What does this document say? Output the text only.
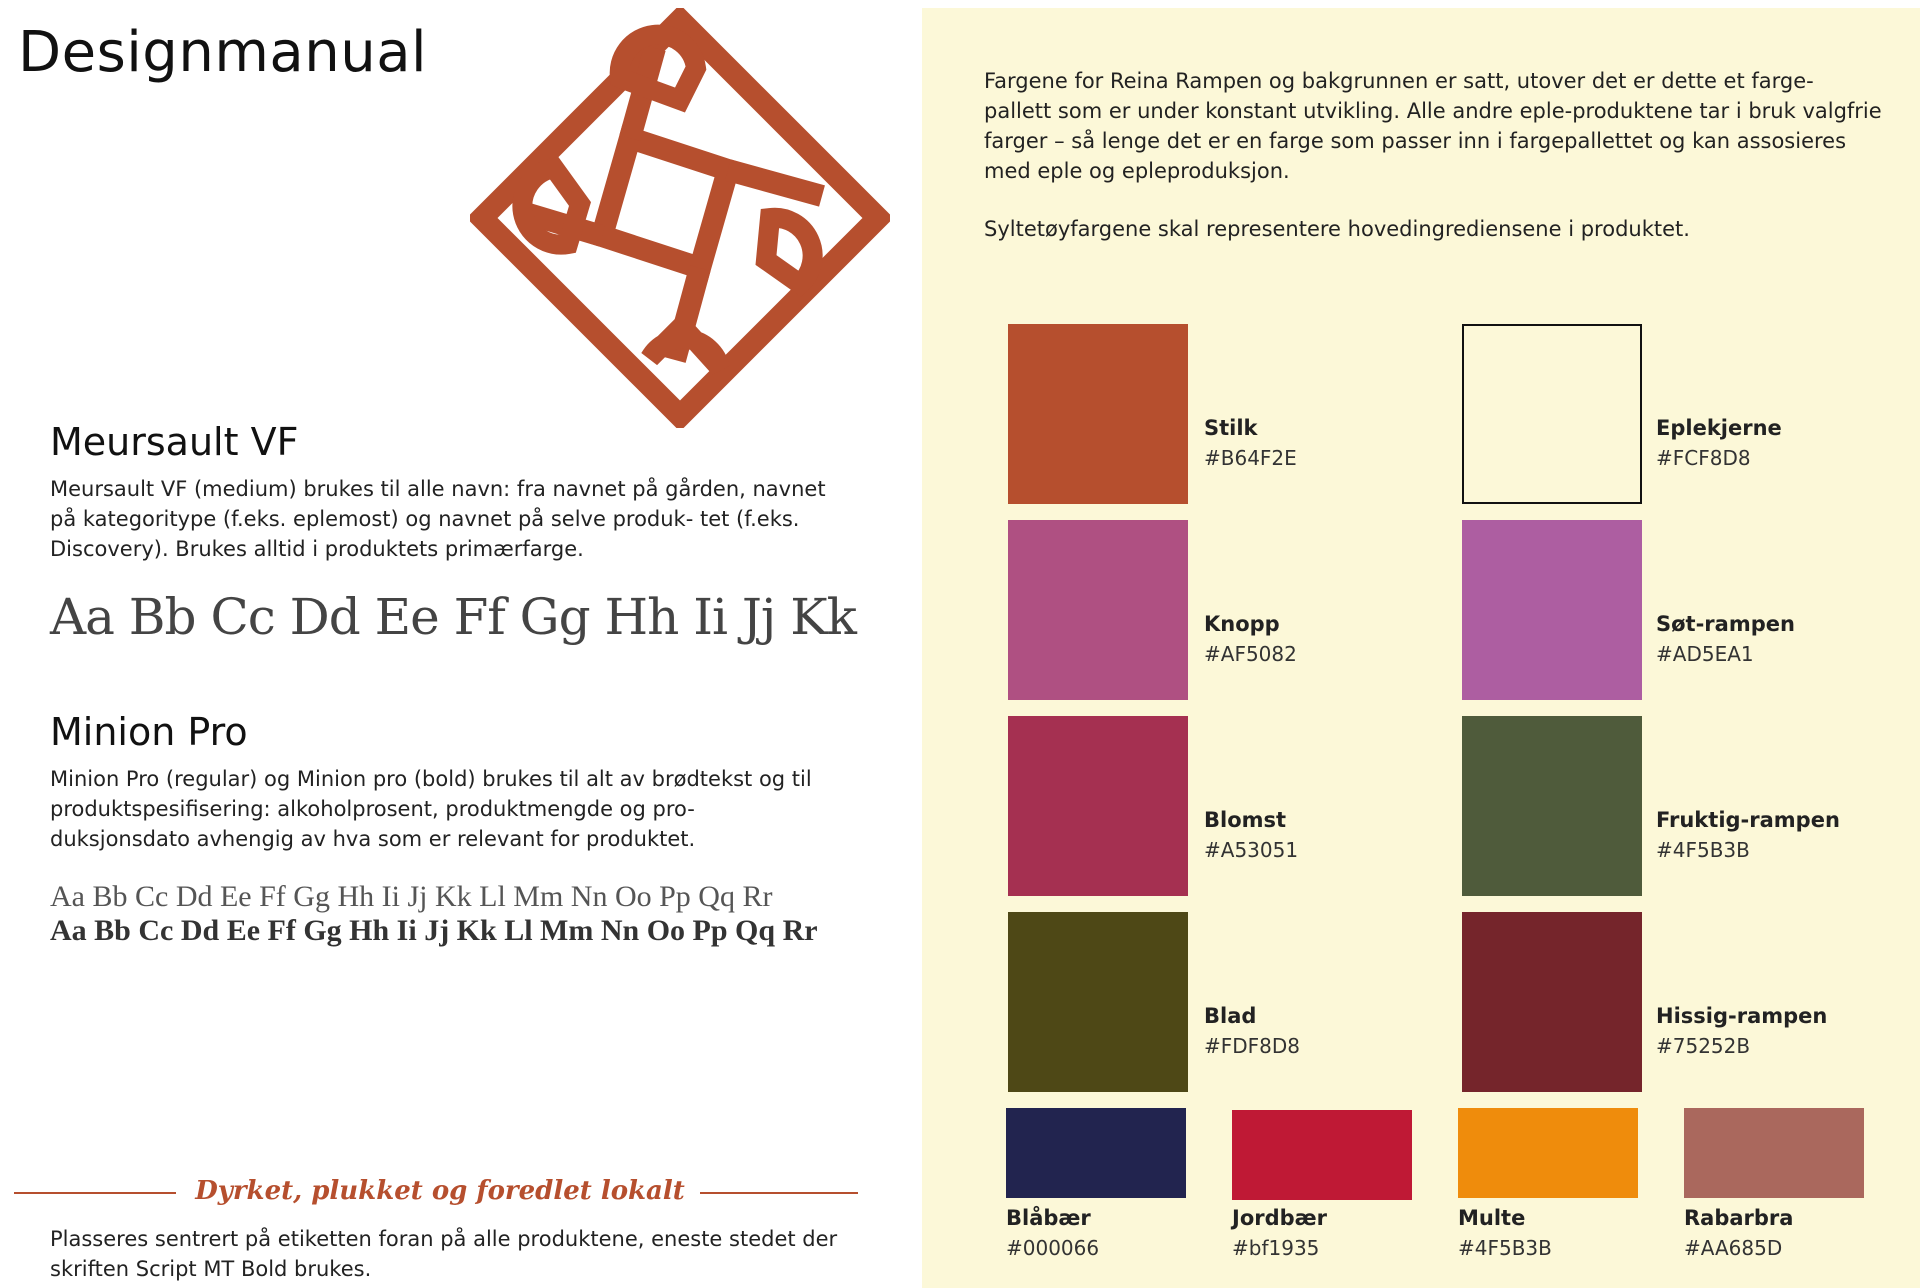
Designmanual
Meursault VF
Meursault VF (medium) brukes til alle navn: fra navnet på gården, navnet på kategoritype (f.eks. eplemost) og navnet på selve produk- tet (f.eks. Discovery). Brukes alltid i produktets primærfarge.
Aa Bb Cc Dd Ee Ff Gg Hh Ii Jj Kk
Minion Pro
Minion Pro (regular) og Minion pro (bold) brukes til alt av brødtekst og til produktspesifisering: alkoholprosent, produktmengde og pro- duksjonsdato avhengig av hva som er relevant for produktet.
Aa Bb Cc Dd Ee Ff Gg Hh Ii Jj Kk Ll Mm Nn Oo Pp Qq Rr
Aa Bb Cc Dd Ee Ff Gg Hh Ii Jj Kk Ll Mm Nn Oo Pp Qq Rr
Dyrket, plukket og foredlet lokalt
Plasseres sentrert på etiketten foran på alle produktene, eneste stedet der skriften Script MT Bold brukes.

Fargene for Reina Rampen og bakgrunnen er satt, utover det er dette et farge- pallett som er under konstant utvikling. Alle andre eple-produktene tar i bruk valgfrie farger – så lenge det er en farge som passer inn i fargepallettet og kan assosieres med eple og epleproduksjon.

Syltetøyfargene skal representere hovedingrediensene i produktet.

Stilk
#B64F2E
Eplekjerne
#FCF8D8
Knopp
#AF5082
Søt-rampen
#AD5EA1
Blomst
#A53051
Fruktig-rampen
#4F5B3B
Blad
#FDF8D8
Hissig-rampen
#75252B
Blåbær
#000066
Jordbær
#bf1935
Multe
#4F5B3B
Rabarbra
#AA685D
